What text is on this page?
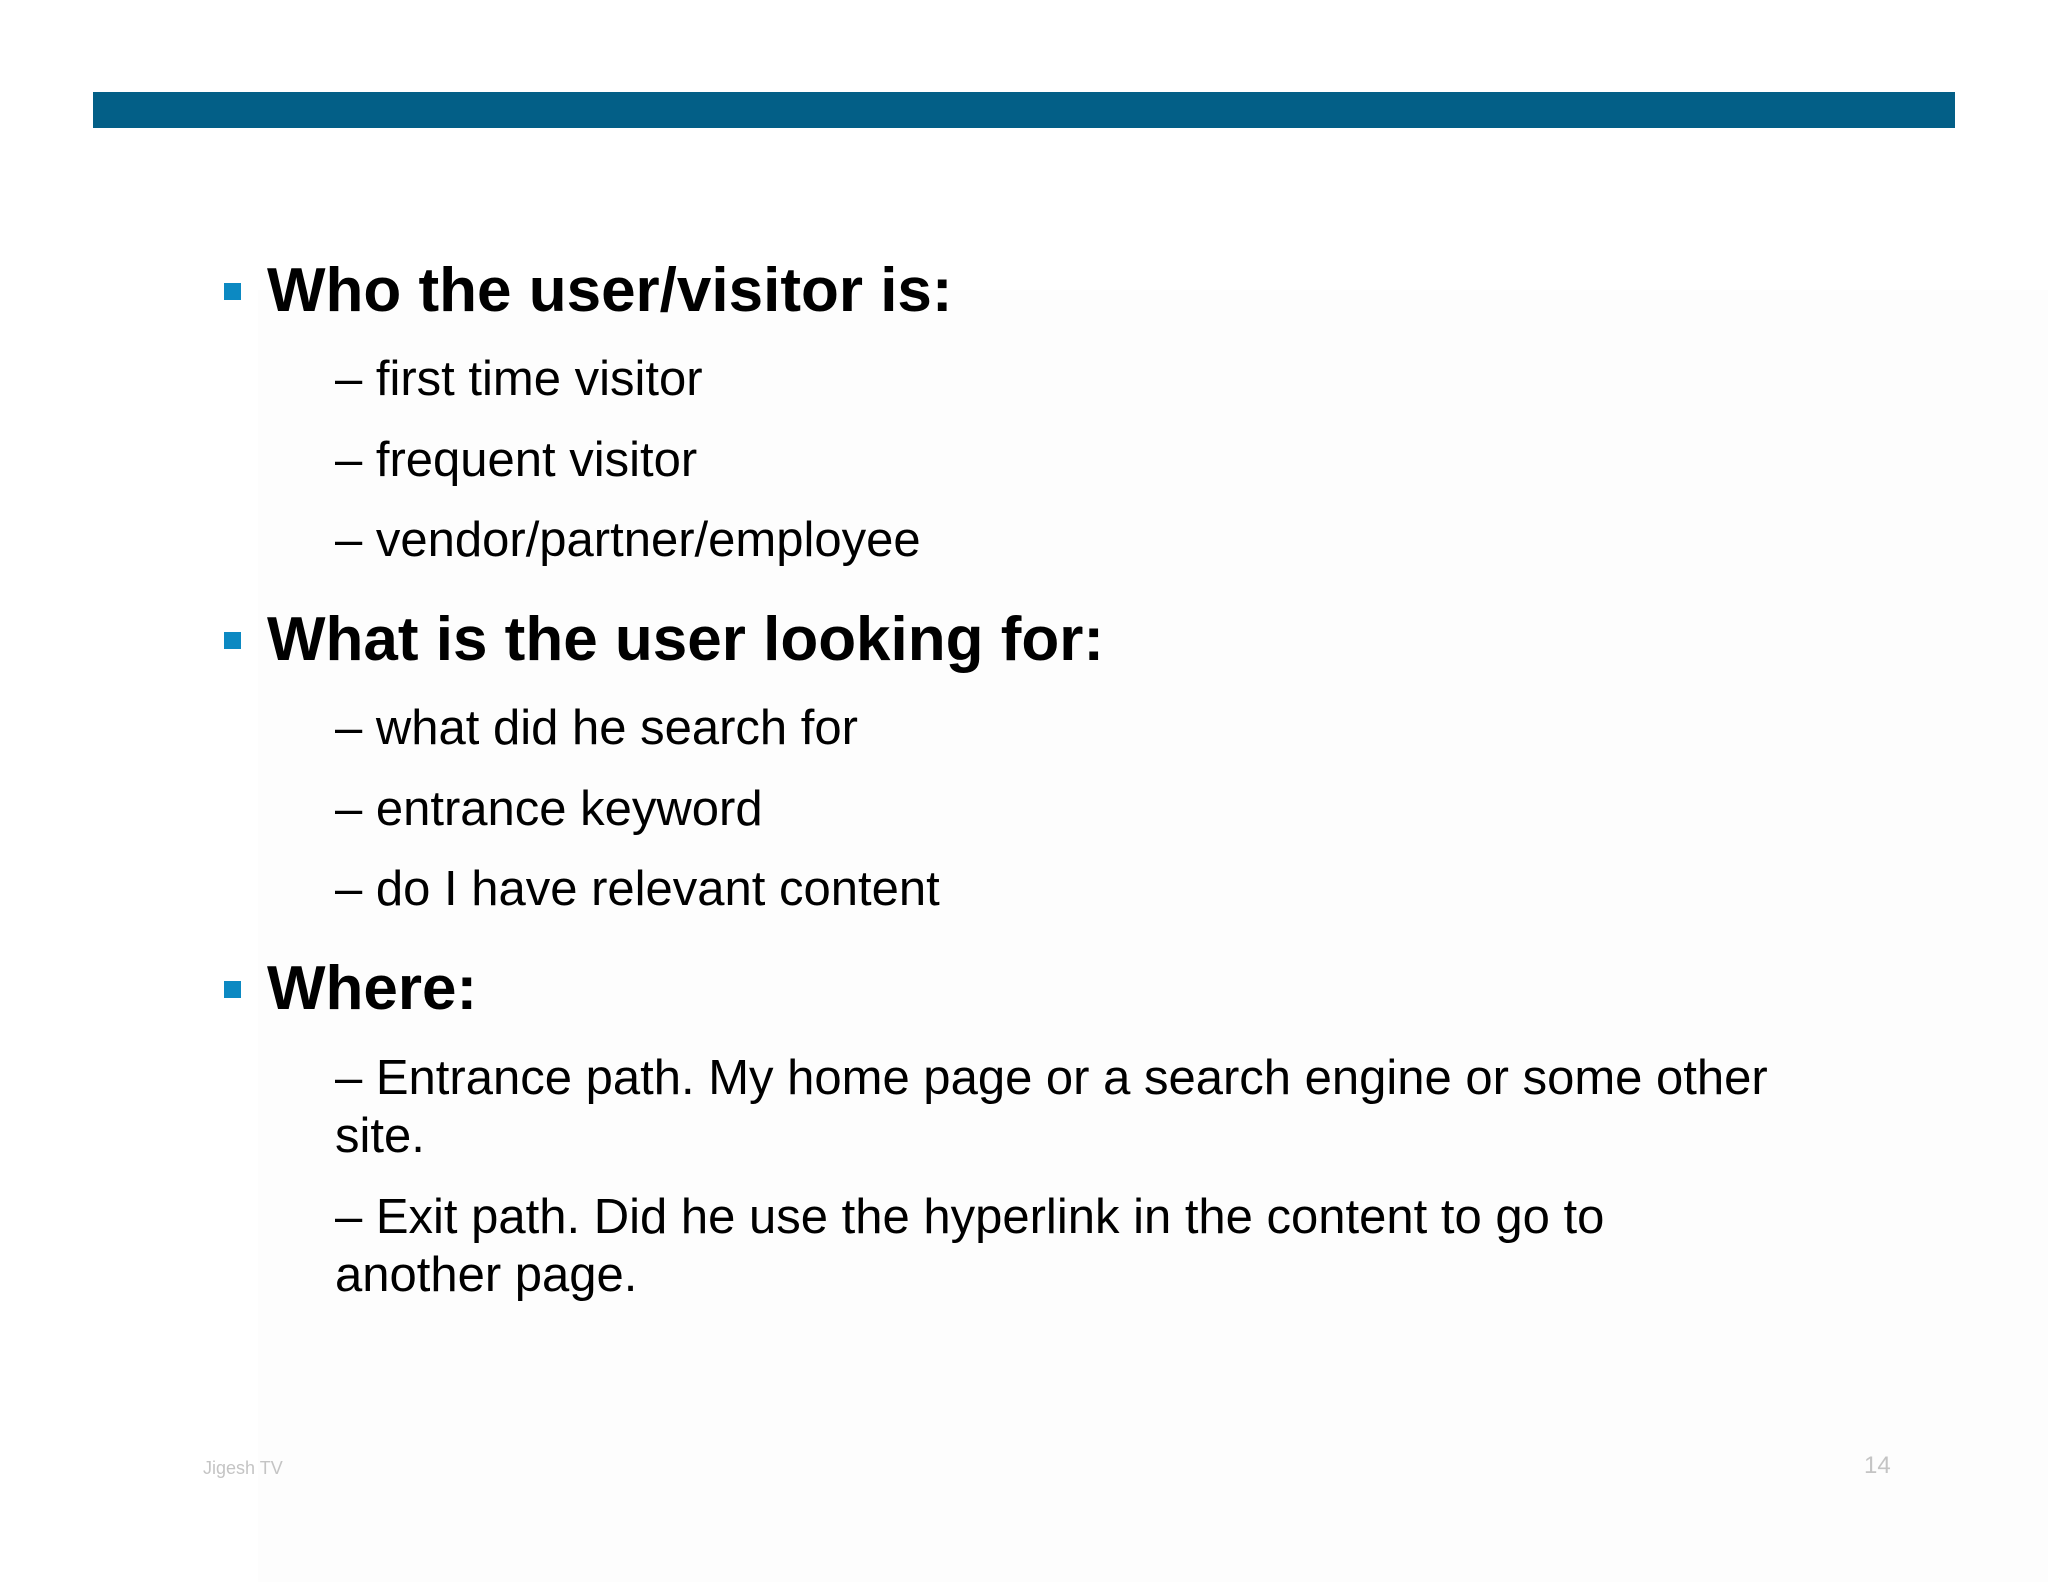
Who the user/visitor is:
– first time visitor
– frequent visitor
– vendor/partner/employee
What is the user looking for:
– what did he search for
– entrance keyword
– do I have relevant content
Where:
– Entrance path. My home page or a search engine or some other site.
– Exit path. Did he use the hyperlink in the content to go to another page.
Jigesh TV	14
